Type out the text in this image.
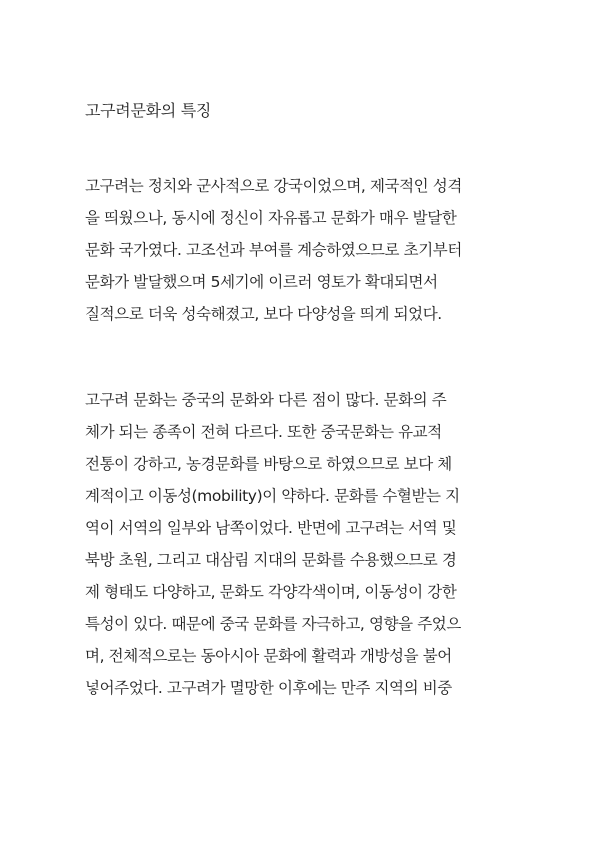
고구려문화의 특징
고구려는 정치와 군사적으로 강국이었으며, 제국적인 성격
을 띄웠으나, 동시에 정신이 자유롭고 문화가 매우 발달한
문화 국가였다. 고조선과 부여를 계승하였으므로 초기부터
문화가 발달했으며 5세기에 이르러 영토가 확대되면서
질적으로 더욱 성숙해졌고, 보다 다양성을 띄게 되었다.
고구려 문화는 중국의 문화와 다른 점이 많다. 문화의 주
체가 되는 종족이 전혀 다르다. 또한 중국문화는 유교적
전통이 강하고, 농경문화를 바탕으로 하였으므로 보다 체
계적이고 이동성(mobility)이 약하다. 문화를 수혈받는 지
역이 서역의 일부와 남쪽이었다. 반면에 고구려는 서역 및
북방 초원, 그리고 대삼림 지대의 문화를 수용했으므로 경
제 형태도 다양하고, 문화도 각양각색이며, 이동성이 강한
특성이 있다. 때문에 중국 문화를 자극하고, 영향을 주었으
며, 전체적으로는 동아시아 문화에 활력과 개방성을 불어
넣어주었다. 고구려가 멸망한 이후에는 만주 지역의 비중
